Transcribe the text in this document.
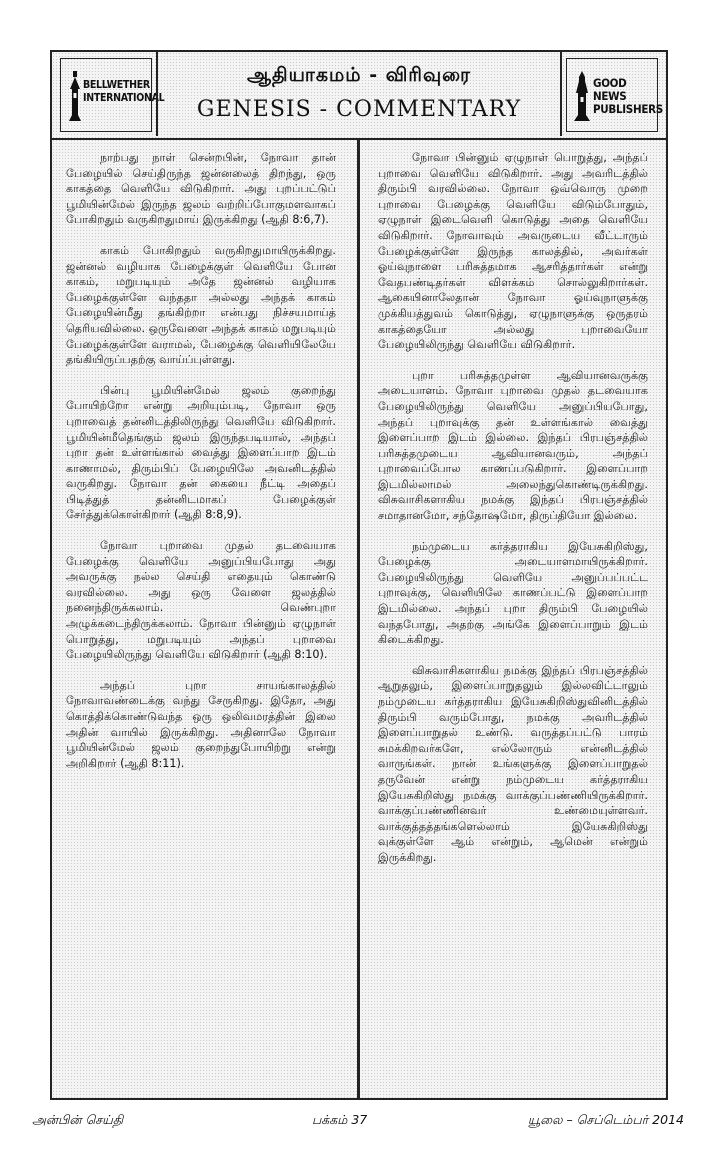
BELLWETHER
INTERNATIONAL
ஆதியாகமம் - விரிவுரை
GENESIS - COMMENTARY
GOOD NEWS
PUBLISHERS

நாற்பது நாள் சென்றபின், நோவா தான் பேழையில் செய்திருந்த ஜன்னலைத் திறந்து, ஒரு காகத்தை வெளியே விடுகிறார். அது புறப்பட்டுப் பூமியின்மேல் இருந்த ஜலம் வற்றிப்போகுமளவாகப் போகிறதும் வருகிறதுமாய் இருக்கிறது (ஆதி 8:6,7).

காகம் போகிறதும் வருகிறதுமாயிருக்கிறது. ஜன்னல் வழியாக பேழைக்குள் வெளியே போன காகம், மறுபடியும் அதே ஜன்னல் வழியாக பேழைக்குள்ளே வந்ததா அல்லது அந்தக் காகம் பேழையின்மீது தங்கிற்றா என்பது நிச்சயமாய்த் தெரியவில்லை. ஒருவேளை அந்தக் காகம் மறுபடியும் பேழைக்குள்ளே வராமல், பேழைக்கு வெளியிலேயே தங்கியிருப்பதற்கு வாய்ப்புள்ளது.

பின்பு பூமியின்மேல் ஜலம் குறைந்து போயிற்றோ என்று அறியும்படி, நோவா ஒரு புறாவைத் தன்னிடத்திலிருந்து வெளியே விடுகிறார். பூமியின்மீதெங்கும் ஜலம் இருந்தபடியால், அந்தப் புறா தன் உள்ளங்கால் வைத்து இளைப்பாற இடம் காணாமல், திரும்பிப் பேழையிலே அவனிடத்தில் வருகிறது. நோவா தன் கையை நீட்டி அதைப் பிடித்துத் தன்னிடமாகப் பேழைக்குள் சேர்த்துக்கொள்கிறார் (ஆதி 8:8,9).

நோவா புறாவை முதல் தடவையாக பேழைக்கு வெளியே அனுப்பியபோது அது அவருக்கு நல்ல செய்தி எதையும் கொண்டு வரவில்லை. அது ஒரு வேளை ஜலத்தில் நனைந்திருக்கலாம். வெண்புறா அழுக்கடைந்திருக்கலாம். நோவா பின்னும் ஏழுநாள் பொறுத்து, மறுபடியும் அந்தப் புறாவை பேழையிலிருந்து வெளியே விடுகிறார் (ஆதி 8:10).

அந்தப் புறா சாயங்காலத்தில் நோவாவண்டைக்கு வந்து சேருகிறது. இதோ, அது கொத்திக்கொண்டுவந்த ஒரு ஒலிவமரத்தின் இலை அதின் வாயில் இருக்கிறது. அதினாலே நோவா பூமியின்மேல் ஜலம் குறைந்துபோயிற்று என்று அறிகிறார் (ஆதி 8:11).

நோவா பின்னும் ஏழுநாள் பொறுத்து, அந்தப் புறாவை வெளியே விடுகிறார். அது அவரிடத்தில் திரும்பி வரவில்லை. நோவா ஒவ்வொரு முறை புறாவை பேழைக்கு வெளியே விடும்போதும், ஏழுநாள் இடைவெளி கொடுத்து அதை வெளியே விடுகிறார். நோவாவும் அவருடைய வீட்டாரும் பேழைக்குள்ளே இருந்த காலத்தில், அவர்கள் ஓய்வுநாளை பரிசுத்தமாக ஆசரித்தார்கள் என்று வேதபண்டிதர்கள் விளக்கம் சொல்லுகிறார்கள். ஆகையினாலேதான் நோவா ஓய்வுநாளுக்கு முக்கியத்துவம் கொடுத்து, ஏழுநாளுக்கு ஒருதரம் காகத்தையோ அல்லது புறாவையோ பேழையிலிருந்து வெளியே விடுகிறார்.

புறா பரிசுத்தமுள்ள ஆவியானவருக்கு அடையாளம். நோவா புறாவை முதல் தடவையாக பேழையிலிருந்து வெளியே அனுப்பியபோது, அந்தப் புறாவுக்கு தன் உள்ளங்கால் வைத்து இளைப்பாற இடம் இல்லை. இந்தப் பிரபஞ்சத்தில் பரிசுத்தமுடைய ஆவியானவரும், அந்தப் புறாவைப்போல காணப்படுகிறார். இளைப்பாற இடமில்லாமல் அலைந்துகொண்டிருக்கிறது. விசுவாசிகளாகிய நமக்கு இந்தப் பிரபஞ்சத்தில் சமாதானமோ, சந்தோஷமோ, திருப்தியோ இல்லை.

நம்முடைய கர்த்தராகிய இயேசுகிறிஸ்து, பேழைக்கு அடையாளமாயிருக்கிறார். பேழையிலிருந்து வெளியே அனுப்பப்பட்ட புறாவுக்கு, வெளியிலே காணப்பட்டு இளைப்பாற இடமில்லை. அந்தப் புறா திரும்பி பேழையில் வந்தபோது, அதற்கு அங்கே இளைப்பாறும் இடம் கிடைக்கிறது.

விசுவாசிகளாகிய நமக்கு இந்தப் பிரபஞ்சத்தில் ஆறுதலும், இளைப்பாறுதலும் இல்லவிட்டாலும் நம்முடைய கர்த்தராகிய இயேசுகிறிஸ்துவினிடத்தில் திரும்பி வரும்போது, நமக்கு அவரிடத்தில் இளைப்பாறுதல் உண்டு. வருத்தப்பட்டு பாரம் சுமக்கிறவர்களே, எல்லோரும் என்னிடத்தில் வாருங்கள். நான் உங்களுக்கு இளைப்பாறுதல் தருவேன் என்று நம்முடைய கர்த்தராகிய இயேசுகிறிஸ்து நமக்கு வாக்குப்பண்ணியிருக்கிறார். வாக்குப்பண்ணினவர் உண்மையுள்ளவர். வாக்குத்தத்தங்களெல்லாம் இயேசுகிறிஸ்து வுக்குள்ளே ஆம் என்றும், ஆமென் என்றும் இருக்கிறது.

அன்பின் செய்தி	பக்கம் 37	யூலை – செப்டெம்பர் 2014
